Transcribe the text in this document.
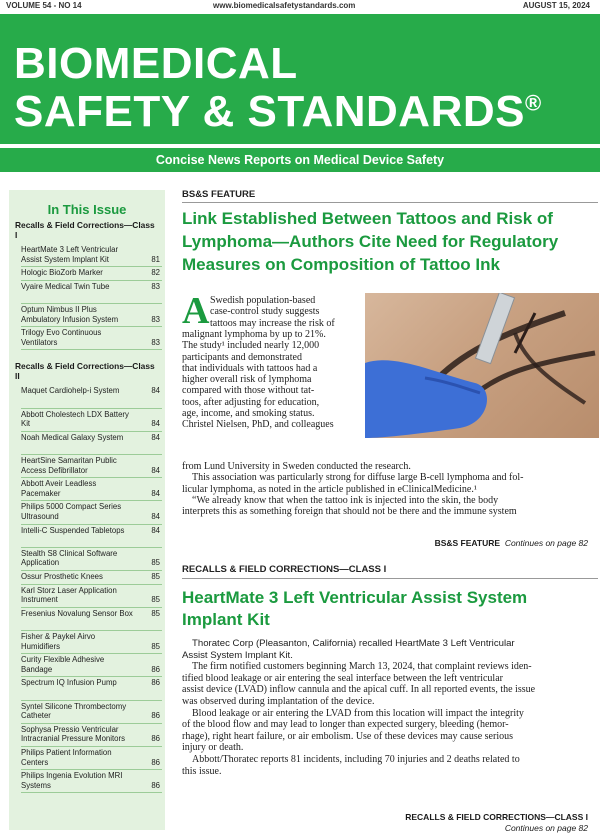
VOLUME 54 - NO 14	www.biomedicalsafetystandards.com	AUGUST 15, 2024
BIOMEDICAL
SAFETY & STANDARDS®
Concise News Reports on Medical Device Safety
In This Issue
Recalls & Field Corrections—Class I
HeartMate 3 Left Ventricular Assist System Implant Kit	81
Hologic BioZorb Marker	82
Vyaire Medical Twin Tube	83
Optum Nimbus II Plus Ambulatory Infusion System	83
Trilogy Evo Continuous Ventilators	83
Recalls & Field Corrections—Class II
Maquet Cardiohelp-i System	84
Abbott Cholestech LDX Battery Kit	84
Noah Medical Galaxy System	84
HeartSine Samaritan Public Access Defibrillator	84
Abbott Aveir Leadless Pacemaker	84
Philips 5000 Compact Series Ultrasound	84
Intelli-C Suspended Tabletops	84
Stealth S8 Clinical Software Application	85
Ossur Prosthetic Knees	85
Karl Storz Laser Application Instrument	85
Fresenius Novalung Sensor Box 85
Fisher & Paykel Airvo Humidifiers	85
Curity Flexible Adhesive Bandage	86
Spectrum IQ Infusion Pump	86
Syntel Silicone Thrombectomy Catheter	86
Sophysa Pressio Ventricular Intracranial Pressure Monitors	86
Philips Patient Information Centers	86
Philips Ingenia Evolution MRI Systems	86
BS&S FEATURE
Link Established Between Tattoos and Risk of
Lymphoma—Authors Cite Need for Regulatory
Measures on Composition of Tattoo Ink
A Swedish population-based
case-control study suggests
tattoos may increase the risk of
malignant lymphoma by up to 21%.
The study¹ included nearly 12,000
participants and demonstrated
that individuals with tattoos had a
higher overall risk of lymphoma
compared with those without tat-
toos, after adjusting for education,
age, income, and smoking status.
Christel Nielsen, PhD, and colleagues
from Lund University in Sweden conducted the research.
This association was particularly strong for diffuse large B-cell lymphoma and fol-
licular lymphoma, as noted in the article published in eClinicalMedicine.¹
“We already know that when the tattoo ink is injected into the skin, the body
interprets this as something foreign that should not be there and the immune system
BS&S FEATURE Continues on page 82
RECALLS & FIELD CORRECTIONS—CLASS I
HeartMate 3 Left Ventricular Assist System
Implant Kit
Thoratec Corp (Pleasanton, California) recalled HeartMate 3 Left Ventricular
Assist System Implant Kit.
The firm notified customers beginning March 13, 2024, that complaint reviews iden-
tified blood leakage or air entering the seal interface between the left ventricular
assist device (LVAD) inflow cannula and the apical cuff. In all reported events, the issue
was observed during implantation of the device.
Blood leakage or air entering the LVAD from this location will impact the integrity
of the blood flow and may lead to longer than expected surgery, bleeding (hemor-
rhage), right heart failure, or air embolism. Use of these devices may cause serious
injury or death.
Abbott/Thoratec reports 81 incidents, including 70 injuries and 2 deaths related to
this issue.
RECALLS & FIELD CORRECTIONS—CLASS I
Continues on page 82
